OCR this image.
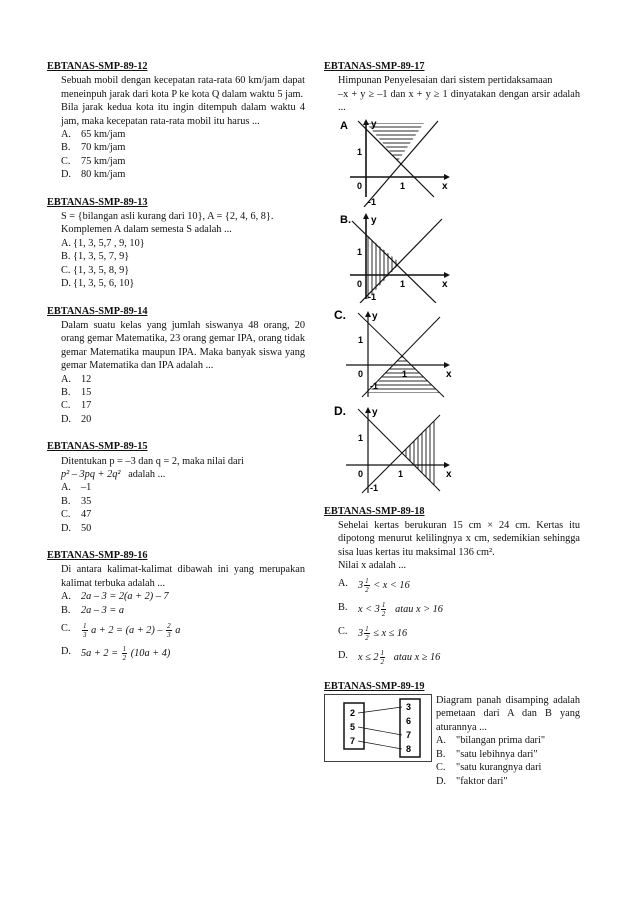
EBTANAS-SMP-89-12
Sebuah mobil dengan kecepatan rata-rata 60 km/jam dapat meneinpuh jarak dari kota P ke kota Q dalam waktu 5 jam.
Bila jarak kedua kota itu ingin ditempuh dalam waktu 4 jam, maka kecepatan rata-rata mobil itu harus ...
A. 65 km/jam
B.	70 km/jam
C.	75 km/jam
D. 80 km/jam
EBTANAS-SMP-89-13
S = {bilangan asli kurang dari 10}, A = {2, 4, 6, 8}.
Komplemen A dalam semesta S adalah ...
A. {1, 3, 5,7 , 9, 10}
B. {1, 3, 5, 7, 9}
C. {1, 3, 5, 8, 9}
D. {1, 3, 5, 6, 10}
EBTANAS-SMP-89-14
Dalam suatu kelas yang jumlah siswanya 48 orang, 20 orang gemar Matematika, 23 orang gemar IPA, orang tidak gemar Matematika maupun IPA. Maka banyak siswa yang gemar Matematika dan IPA adalah ...
A. 12
B.	15
C.	17
D. 20
EBTANAS-SMP-89-15
Ditentukan p = –3 dan q = 2, maka nilai dari
p² – 3pq + 2q² adalah ...
A. –1
B.	35
C.	47
D. 50
EBTANAS-SMP-89-16
Di antara kalimat-kalimat dibawah ini yang merupakan kalimat terbuka adalah ...
A. 2a – 3 = 2(a + 2) – 7
B.	2a – 3 = a
C.	$\frac{1}{3}$ $a + 2 = (a + 2) - \frac{2}{3}$ a
D. $5a + 2 = \frac{1}{2} (10a + 4)$
EBTANAS-SMP-89-17
Himpunan Penyelesaian dari sistem pertidaksamaan
–x + y ≥ –1 dan x + y ≥ 1 dinyatakan dengan arsir adalah ...
A y
1
0
-1
1	x
B. y
1
0
-1
1	x
C.	y
1
0
-1
1	x
D.	y
1
0
-1
1	x
EBTANAS-SMP-89-18
Sehelai kertas berukuran 15 cm × 24 cm. Kertas itu dipotong menurut kelilingnya x cm, sedemikian sehingga sisa luas kertas itu maksimal 136 cm².
Nilai x adalah ...
A. $3 \frac{1}{2} < x < 16$
B.	$x < 3 \frac{1}{2}$ atau x > 16
C.	$3 \frac{1}{2} \le x \le 16$
D. $x \le 2 \frac{1}{2}$ atau x ≥ 16
EBTANAS-SMP-89-19
2
5
7
3
6
7
8
Diagram panah disamping adalah pemetaan dari A dan B yang aturannya ...
A. "bilangan prima dari"
B.	"satu lebihnya dari"
C.	"satu kurangnya dari
D. "faktor dari"
